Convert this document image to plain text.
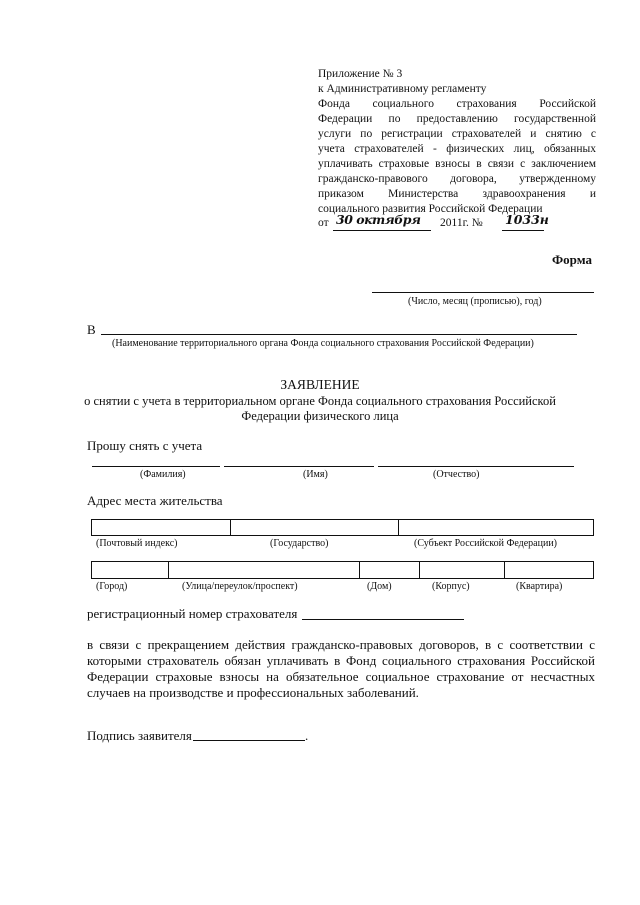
Приложение № 3
к Административному регламенту
Фонда социального страхования Российской
Федерации по предоставлению государственной
услуги по регистрации страхователей и снятию с
учета страхователей - физических лиц, обязанных
уплачивать страховые взносы в связи с заключением
гражданско-правового договора, утвержденному
приказом Министерства здравоохранения и
социального развития Российской Федерации
от 30 октября 2011г. № 1033н
Форма
(Число, месяц (прописью), год)
В
(Наименование территориального органа Фонда социального страхования Российской Федерации)
ЗАЯВЛЕНИЕ
о снятии с учета в территориальном органе Фонда социального страхования Российской
Федерации физического лица
Прошу снять с учета
(Фамилия)	(Имя)	(Отчество)
Адрес места жительства
(Почтовый индекс)	(Государство)	(Субъект Российской Федерации)
(Город)	(Улица/переулок/проспект)	(Дом)	(Корпус)	(Квартира)
регистрационный номер страхователя
в связи с прекращением действия гражданско-правовых договоров, в с соответствии с
которыми страхователь обязан уплачивать в Фонд социального страхования Российской
Федерации страховые взносы на обязательное социальное страхование от несчастных
случаев на производстве и профессиональных заболеваний.
Подпись заявителя	.
